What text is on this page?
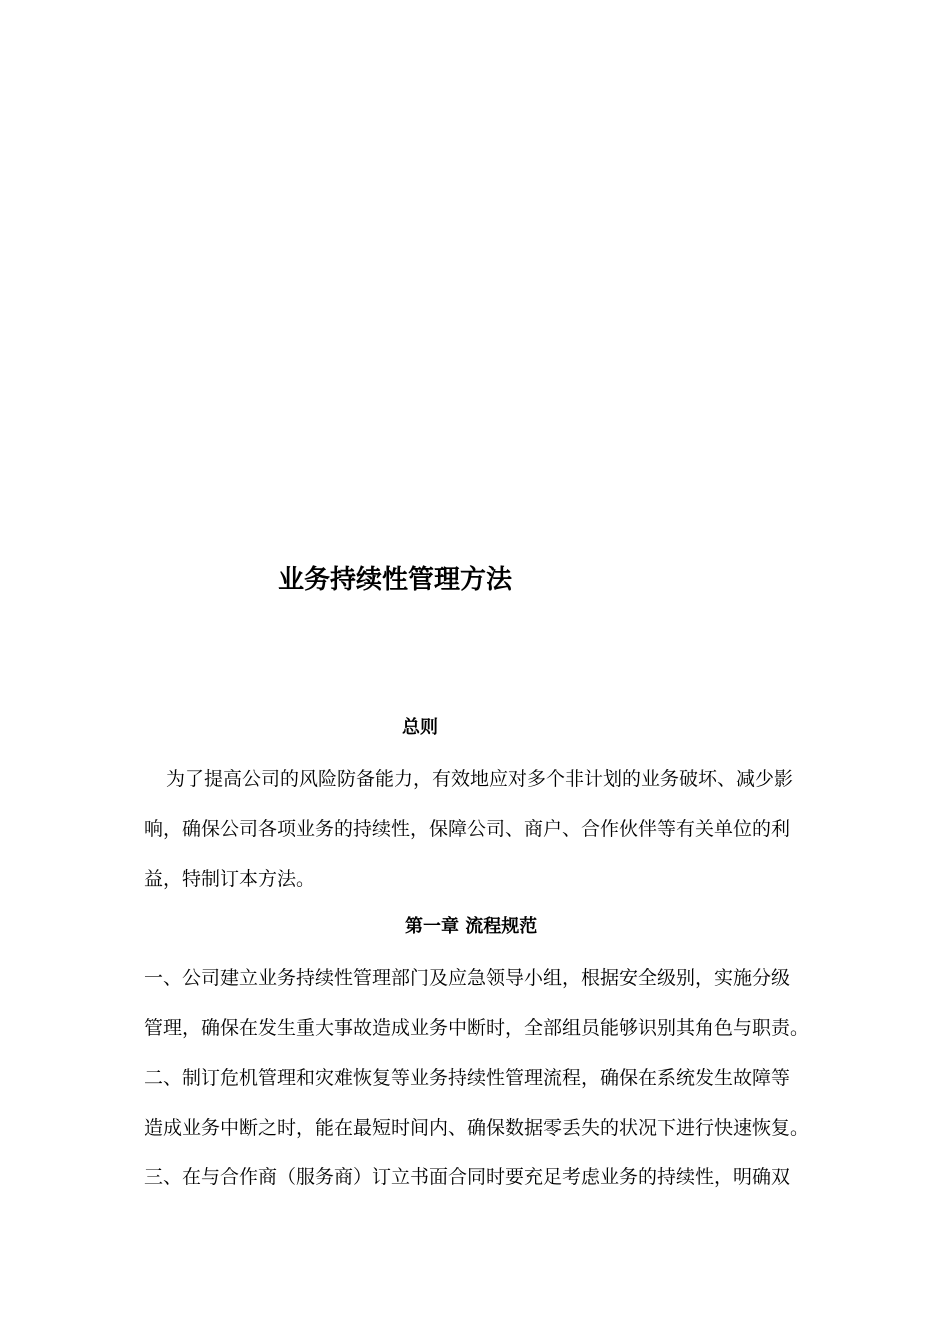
业务持续性管理方法
总则
为了提高公司的风险防备能力，有效地应对多个非计划的业务破坏、减少影
响，确保公司各项业务的持续性，保障公司、商户、合作伙伴等有关单位的利
益，特制订本方法。
第一章 流程规范
一、公司建立业务持续性管理部门及应急领导小组，根据安全级别，实施分级
管理，确保在发生重大事故造成业务中断时，全部组员能够识别其角色与职责。
二、制订危机管理和灾难恢复等业务持续性管理流程，确保在系统发生故障等
造成业务中断之时，能在最短时间内、确保数据零丢失的状况下进行快速恢复。
三、在与合作商（服务商）订立书面合同时要充足考虑业务的持续性，明确双
